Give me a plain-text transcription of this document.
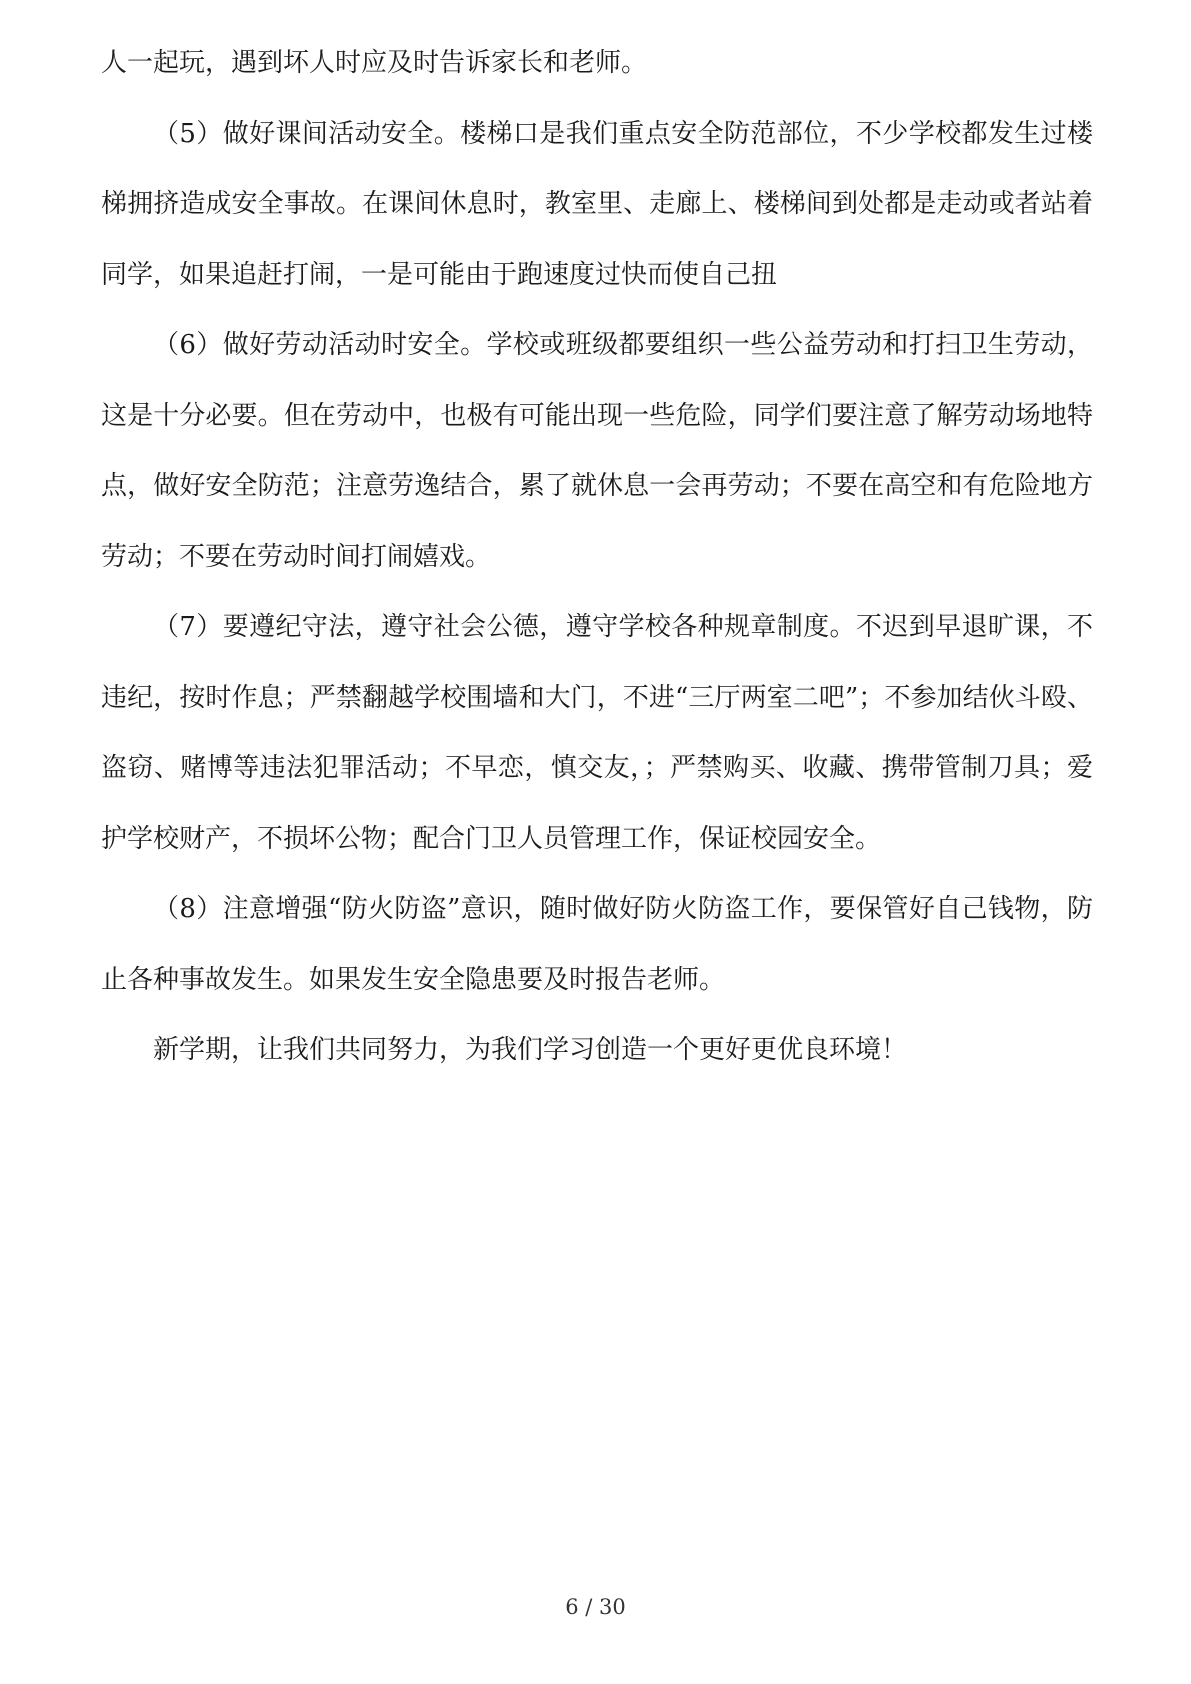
人一起玩，遇到坏人时应及时告诉家长和老师。

（5）做好课间活动安全。楼梯口是我们重点安全防范部位，不少学校都发生过楼梯拥挤造成安全事故。在课间休息时，教室里、走廊上、楼梯间到处都是走动或者站着同学，如果追赶打闹，一是可能由于跑速度过快而使自己扭

（6）做好劳动活动时安全。学校或班级都要组织一些公益劳动和打扫卫生劳动，这是十分必要。但在劳动中，也极有可能出现一些危险，同学们要注意了解劳动场地特点，做好安全防范；注意劳逸结合，累了就休息一会再劳动；不要在高空和有危险地方劳动；不要在劳动时间打闹嬉戏。

（7）要遵纪守法，遵守社会公德，遵守学校各种规章制度。不迟到早退旷课，不违纪，按时作息；严禁翻越学校围墙和大门，不进“三厅两室二吧”；不参加结伙斗殴、盗窃、赌博等违法犯罪活动；不早恋，慎交友，；严禁购买、收藏、携带管制刀具；爱护学校财产，不损坏公物；配合门卫人员管理工作，保证校园安全。

（8）注意增强“防火防盗”意识，随时做好防火防盗工作，要保管好自己钱物，防止各种事故发生。如果发生安全隐患要及时报告老师。

新学期，让我们共同努力，为我们学习创造一个更好更优良环境！

6 / 30
